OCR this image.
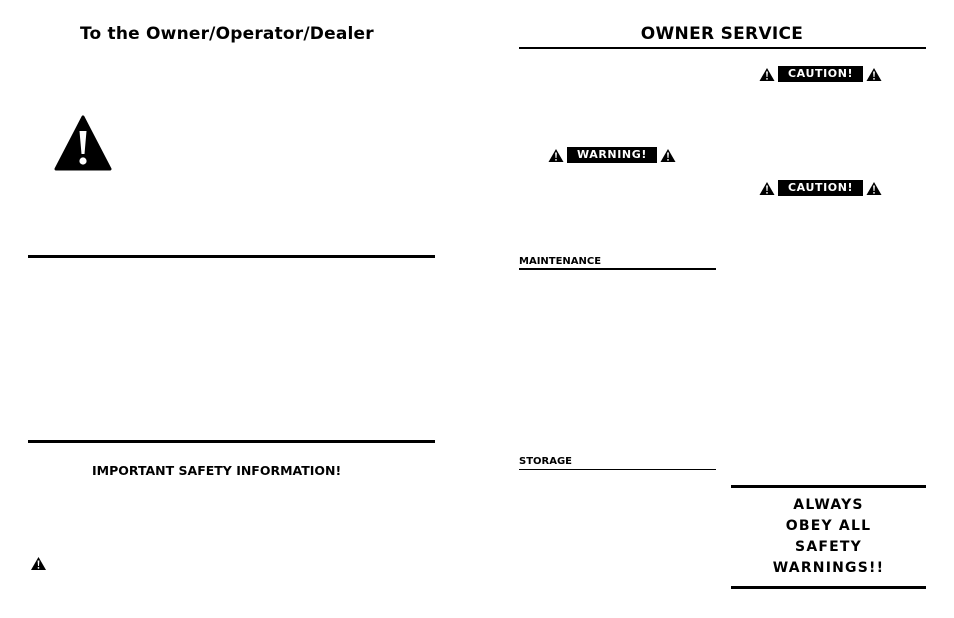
To the Owner/Operator/Dealer
IMPORTANT SAFETY INFORMATION!
OWNER SERVICE
CAUTION!
WARNING!
CAUTION!
MAINTENANCE
STORAGE
ALWAYS
OBEY ALL
SAFETY
WARNINGS!!
